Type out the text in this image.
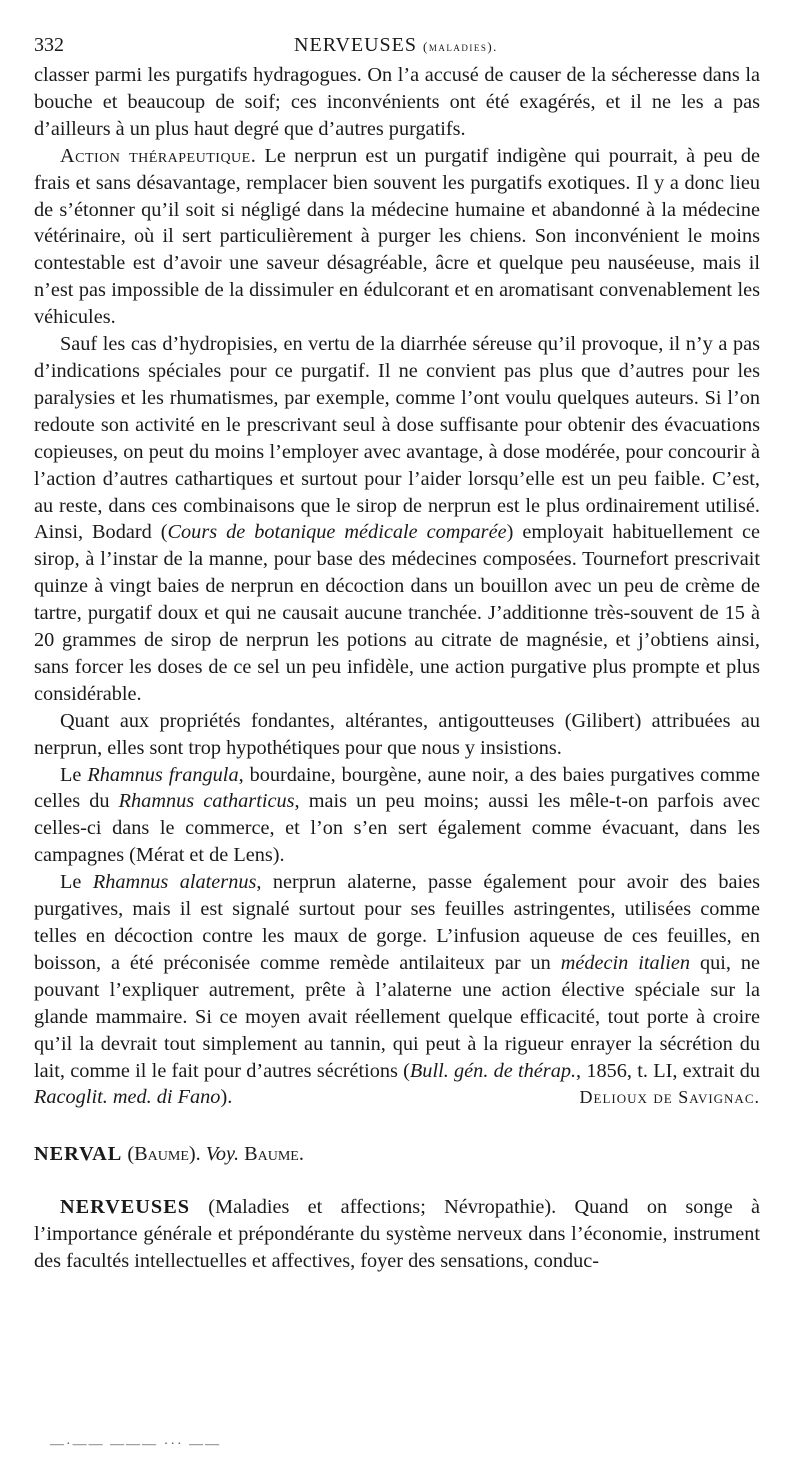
332	NERVEUSES (maladies).

classer parmi les purgatifs hydragogues. On l’a accusé de causer de la sécheresse dans la bouche et beaucoup de soif; ces inconvénients ont été exagérés, et il ne les a pas d’ailleurs à un plus haut degré que d’autres purgatifs.

Action thérapeutique. Le nerprun est un purgatif indigène qui pourrait, à peu de frais et sans désavantage, remplacer bien souvent les purgatifs exotiques. Il y a donc lieu de s’étonner qu’il soit si négligé dans la médecine humaine et abandonné à la médecine vétérinaire, où il sert particulièrement à purger les chiens. Son inconvénient le moins contestable est d’avoir une saveur désagréable, âcre et quelque peu nauséeuse, mais il n’est pas impossible de la dissimuler en édulcorant et en aromatisant convenablement les véhicules.

Sauf les cas d’hydropisies, en vertu de la diarrhée séreuse qu’il provoque, il n’y a pas d’indications spéciales pour ce purgatif. Il ne convient pas plus que d’autres pour les paralysies et les rhumatismes, par exemple, comme l’ont voulu quelques auteurs. Si l’on redoute son activité en le prescrivant seul à dose suffisante pour obtenir des évacuations copieuses, on peut du moins l’employer avec avantage, à dose modérée, pour concourir à l’action d’autres cathartiques et surtout pour l’aider lorsqu’elle est un peu faible. C’est, au reste, dans ces combinaisons que le sirop de nerprun est le plus ordinairement utilisé. Ainsi, Bodard (Cours de botanique médicale comparée) employait habituellement ce sirop, à l’instar de la manne, pour base des médecines composées. Tournefort prescrivait quinze à vingt baies de nerprun en décoction dans un bouillon avec un peu de crème de tartre, purgatif doux et qui ne causait aucune tranchée. J’additionne très-souvent de 15 à 20 grammes de sirop de nerprun les potions au citrate de magnésie, et j’obtiens ainsi, sans forcer les doses de ce sel un peu infidèle, une action purgative plus prompte et plus considérable.

Quant aux propriétés fondantes, altérantes, antigoutteuses (Gilibert) attribuées au nerprun, elles sont trop hypothétiques pour que nous y insistions.

Le Rhamnus frangula, bourdaine, bourgène, aune noir, a des baies purgatives comme celles du Rhamnus catharticus, mais un peu moins; aussi les mêle-t-on parfois avec celles-ci dans le commerce, et l’on s’en sert également comme évacuant, dans les campagnes (Mérat et de Lens).

Le Rhamnus alaternus, nerprun alaterne, passe également pour avoir des baies purgatives, mais il est signalé surtout pour ses feuilles astringentes, utilisées comme telles en décoction contre les maux de gorge. L’infusion aqueuse de ces feuilles, en boisson, a été préconisée comme remède antilaiteux par un médecin italien qui, ne pouvant l’expliquer autrement, prête à l’alaterne une action élective spéciale sur la glande mammaire. Si ce moyen avait réellement quelque efficacité, tout porte à croire qu’il la devrait tout simplement au tannin, qui peut à la rigueur enrayer la sécrétion du lait, comme il le fait pour d’autres sécrétions (Bull. gén. de thérap., 1856, t. LI, extrait du Racoglit. med. di Fano).	Delioux de Savignac.

NERVAL (Baume). Voy. Baume.

NERVEUSES (Maladies et affections; Névropathie). Quand on songe à l’importance générale et prépondérante du système nerveux dans l’économie, instrument des facultés intellectuelles et affectives, foyer des sensations, conduc-

—·—— ——— ··· ——
